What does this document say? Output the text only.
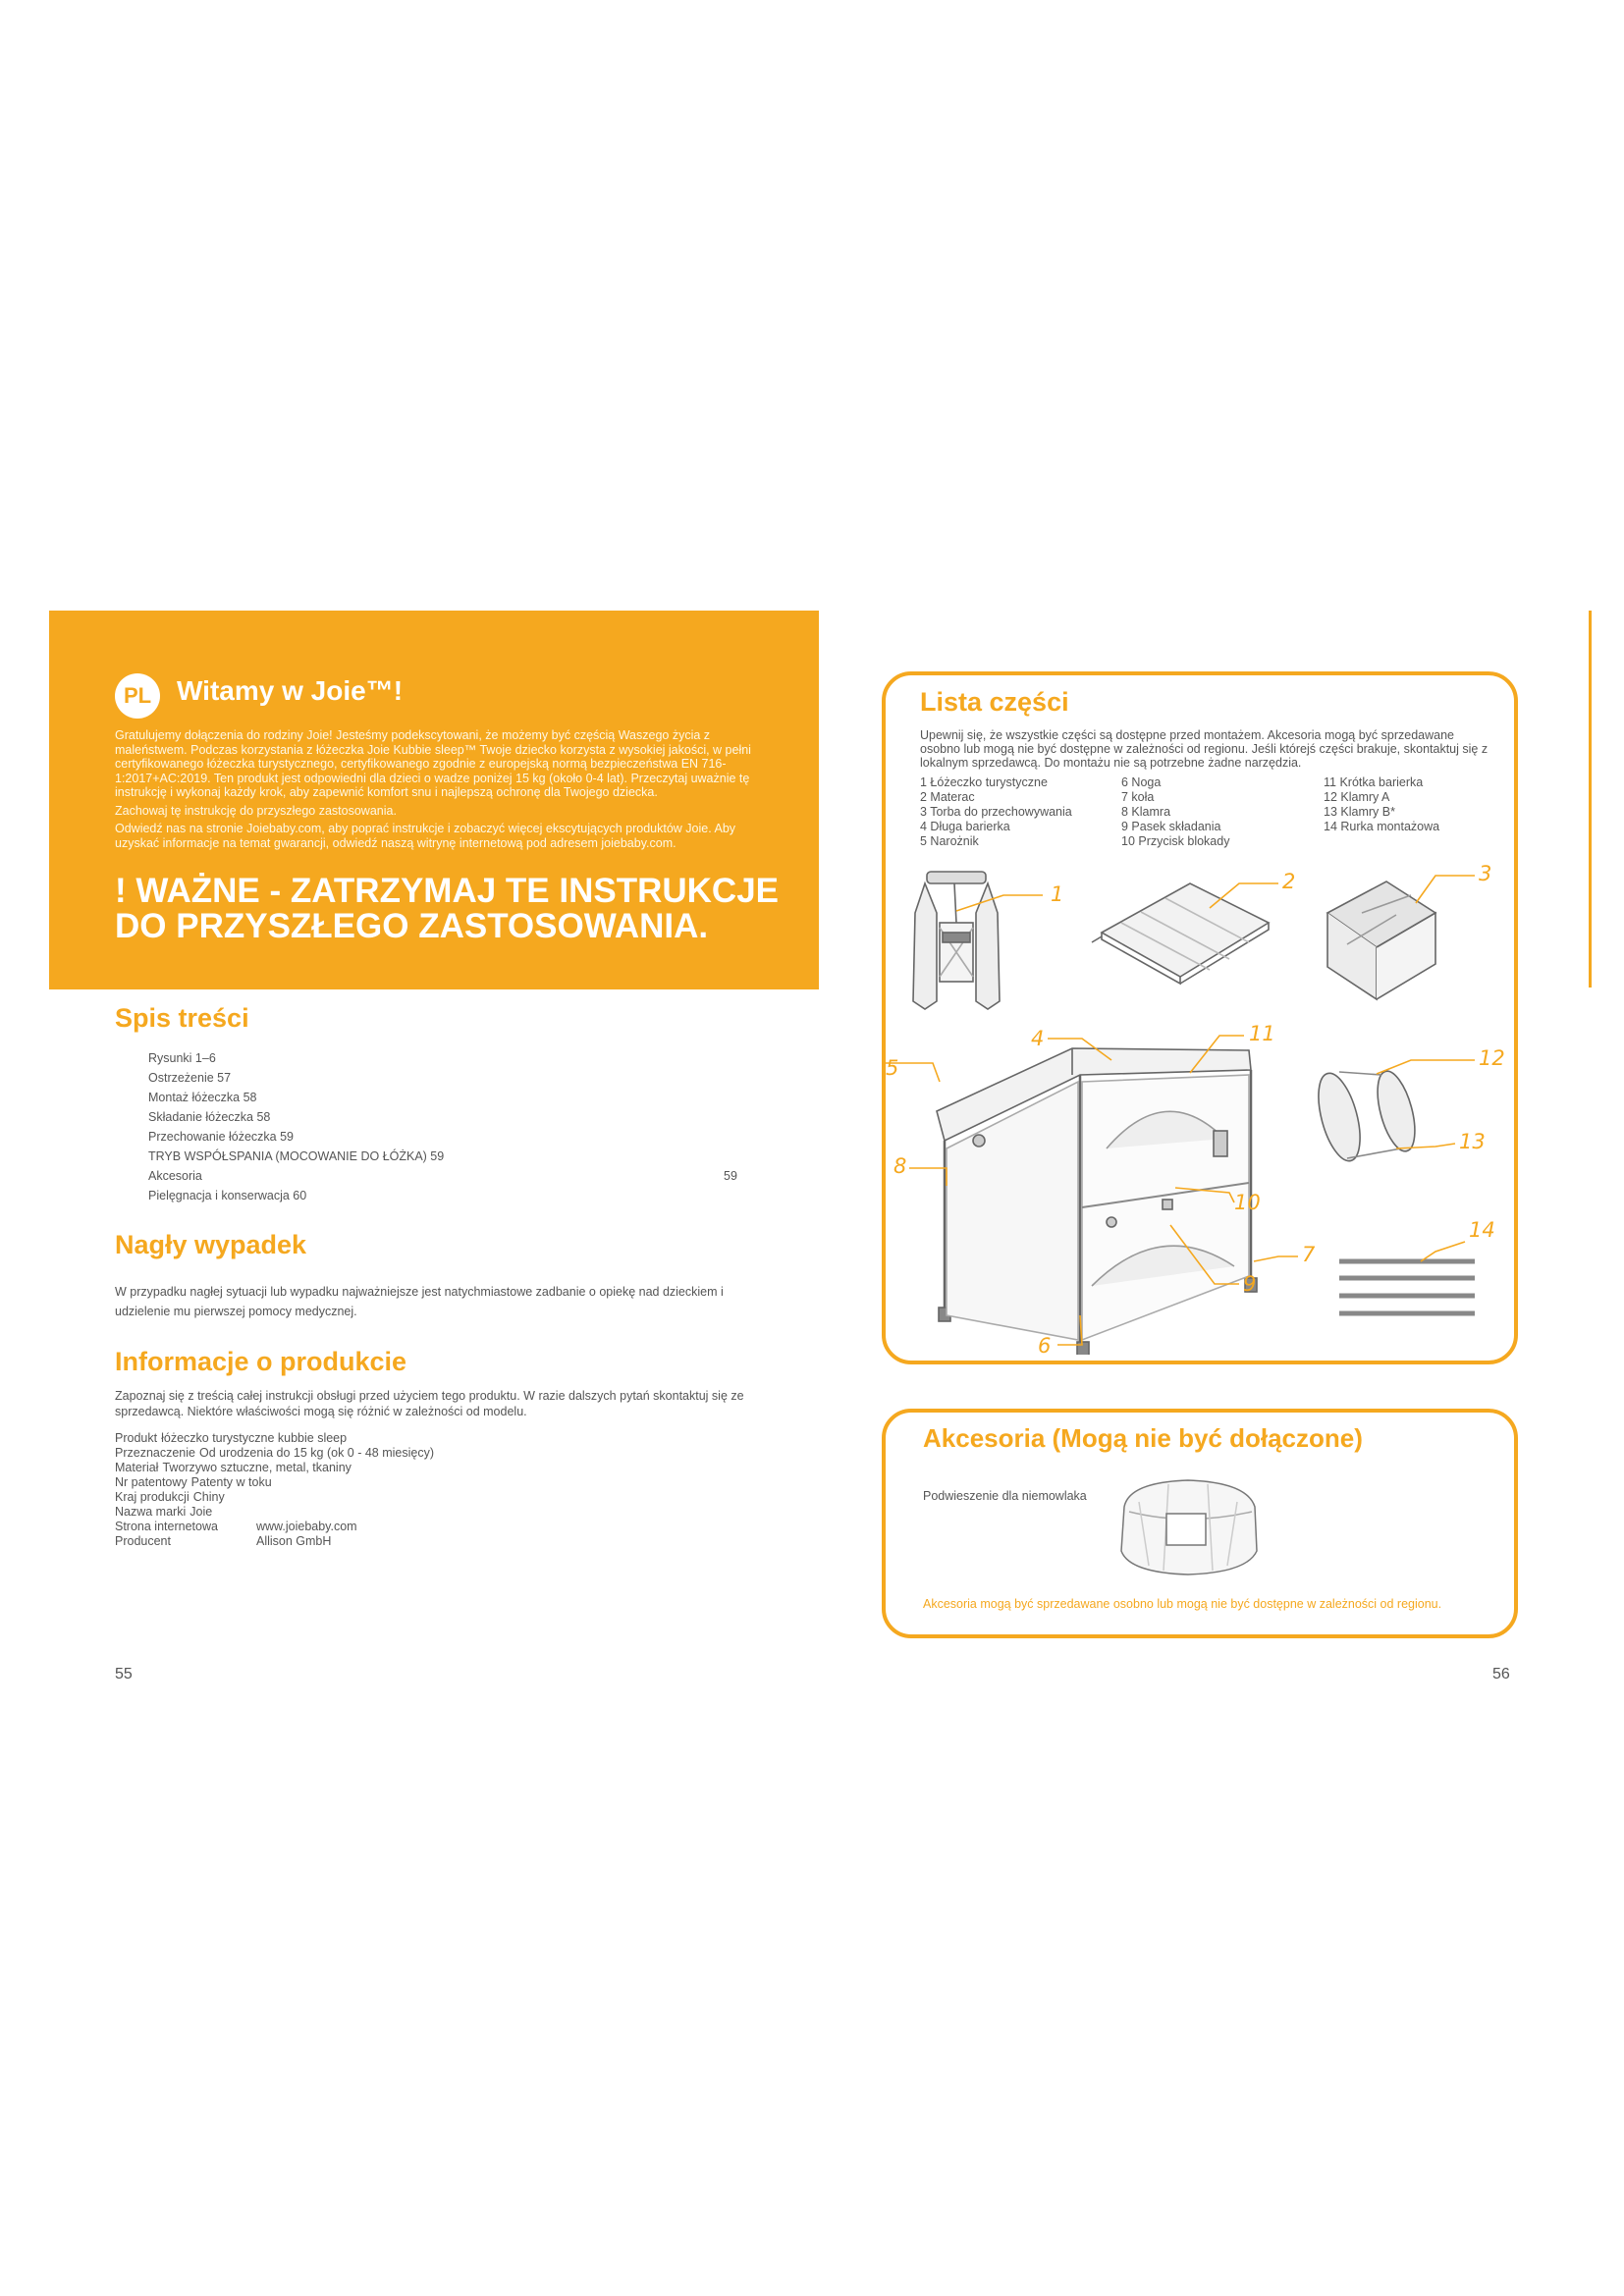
PL Witamy w Joie™!

Gratulujemy dołączenia do rodziny Joie! Jesteśmy podekscytowani, że możemy być częścią Waszego życia z maleństwem. Podczas korzystania z łóżeczka Joie Kubbie sleep™ Twoje dziecko korzysta z wysokiej jakości, w pełni certyfikowanego łóżeczka turystycznego, certyfikowanego zgodnie z europejską normą bezpieczeństwa EN 716-1:2017+AC:2019. Ten produkt jest odpowiedni dla dzieci o wadze poniżej 15 kg (około 0-4 lat). Przeczytaj uważnie tę instrukcję i wykonaj każdy krok, aby zapewnić komfort snu i najlepszą ochronę dla Twojego dziecka.

Zachowaj tę instrukcję do przyszłego zastosowania.

Odwiedź nas na stronie Joiebaby.com, aby poprać instrukcje i zobaczyć więcej ekscytujących produktów Joie. Aby uzyskać informacje na temat gwarancji, odwiedź naszą witrynę internetową pod adresem joiebaby.com.

! WAŻNE - ZATRZYMAJ TE INSTRUKCJE DO PRZYSZŁEGO ZASTOSOWANIA.
Spis treści
Rysunki 1–6
Ostrzeżenie 57
Montaż łóżeczka 58
Składanie łóżeczka 58
Przechowanie łóżeczka 59
TRYB WSPÓŁSPANIA (MOCOWANIE DO ŁÓŻKA) 59
Akcesoria	59
Pielęgnacja i konserwacja 60
Nagły wypadek
W przypadku nagłej sytuacji lub wypadku najważniejsze jest natychmiastowe zadbanie o opiekę nad dzieckiem i udzielenie mu pierwszej pomocy medycznej.
Informacje o produkcie
Zapoznaj się z treścią całej instrukcji obsługi przed użyciem tego produktu. W razie dalszych pytań skontaktuj się ze sprzedawcą. Niektóre właściwości mogą się różnić w zależności od modelu.
Produkt łóżeczko turystyczne kubbie sleep
Przeznaczenie Od urodzenia do 15 kg (ok 0 - 48 miesięcy)
Materiał Tworzywo sztuczne, metal, tkaniny
Nr patentowy Patenty w toku
Kraj produkcji Chiny
Nazwa marki Joie
Strona internetowa	www.joiebaby.com
Producent	Allison GmbH
55
Lista części
Upewnij się, że wszystkie części są dostępne przed montażem. Akcesoria mogą być sprzedawane osobno lub mogą nie być dostępne w zależności od regionu. Jeśli którejś części brakuje, skontaktuj się z lokalnym sprzedawcą. Do montażu nie są potrzebne żadne narzędzia.
1 Łóżeczko turystyczne
2 Materac
3 Torba do przechowywania
4 Długa barierka
5 Narożnik
6 Noga
7 koła
8 Klamra
9 Pasek składania
10 Przycisk blokady
11 Krótka barierka
12 Klamry A
13 Klamry B*
14 Rurka montażowa
1
2	3
4
5
6
7
8
9
10
11
12
13
14
Akcesoria (Mogą nie być dołączone)
Podwieszenie dla niemowlaka
Akcesoria mogą być sprzedawane osobno lub mogą nie być dostępne w zależności od regionu.
56
